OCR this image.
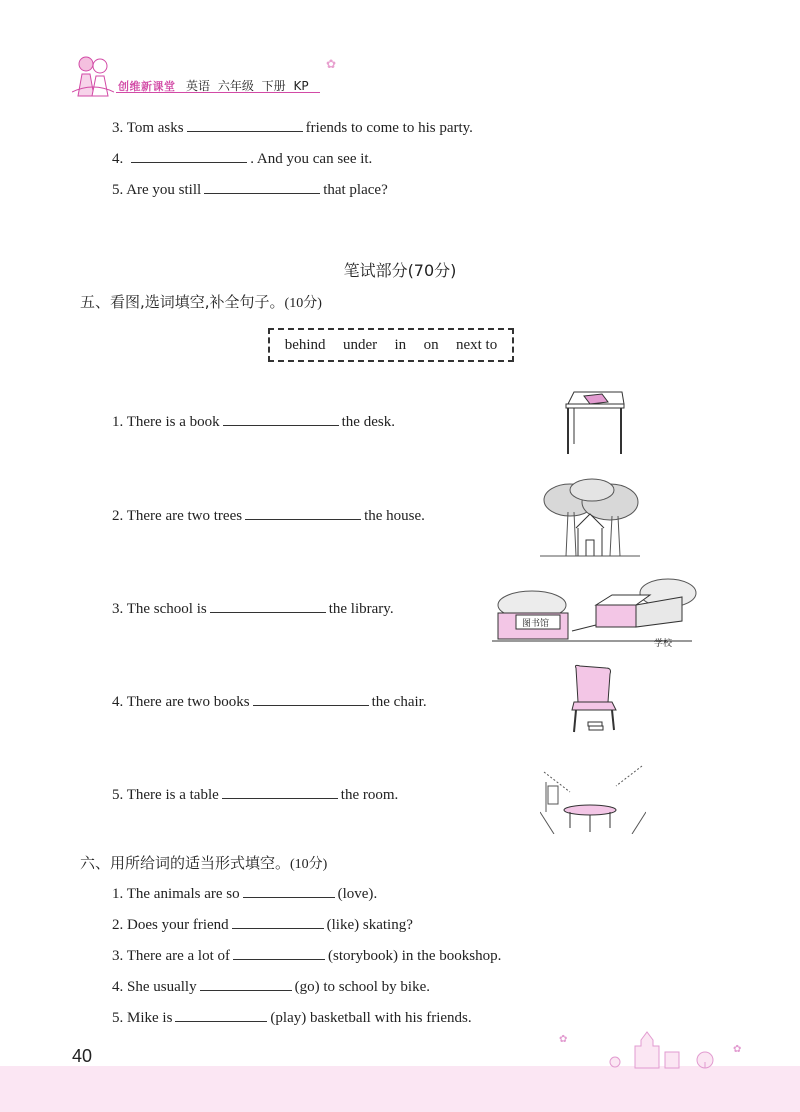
创维新课堂 英语 六年级 下册 KP
✿
3. Tom asks	friends to come to his party.
4.	. And you can see it.
5. Are you still	that place?
笔试部分(70分)
五、看图,选词填空,补全句子。(10分)
behind under in on next to
1. There is a book	the desk.
2. There are two trees	the house.
3. The school is	the library.
4. There are two books	the chair.
5. There is a table	the room.
图书馆
学校
六、用所给词的适当形式填空。(10分)
1. The animals are so	(love).
2. Does your friend	(like) skating?
3. There are a lot of	(storybook) in the bookshop.
4. She usually	(go) to school by bike.
5. Mike is	(play) basketball with his friends.
✿
✿
40
